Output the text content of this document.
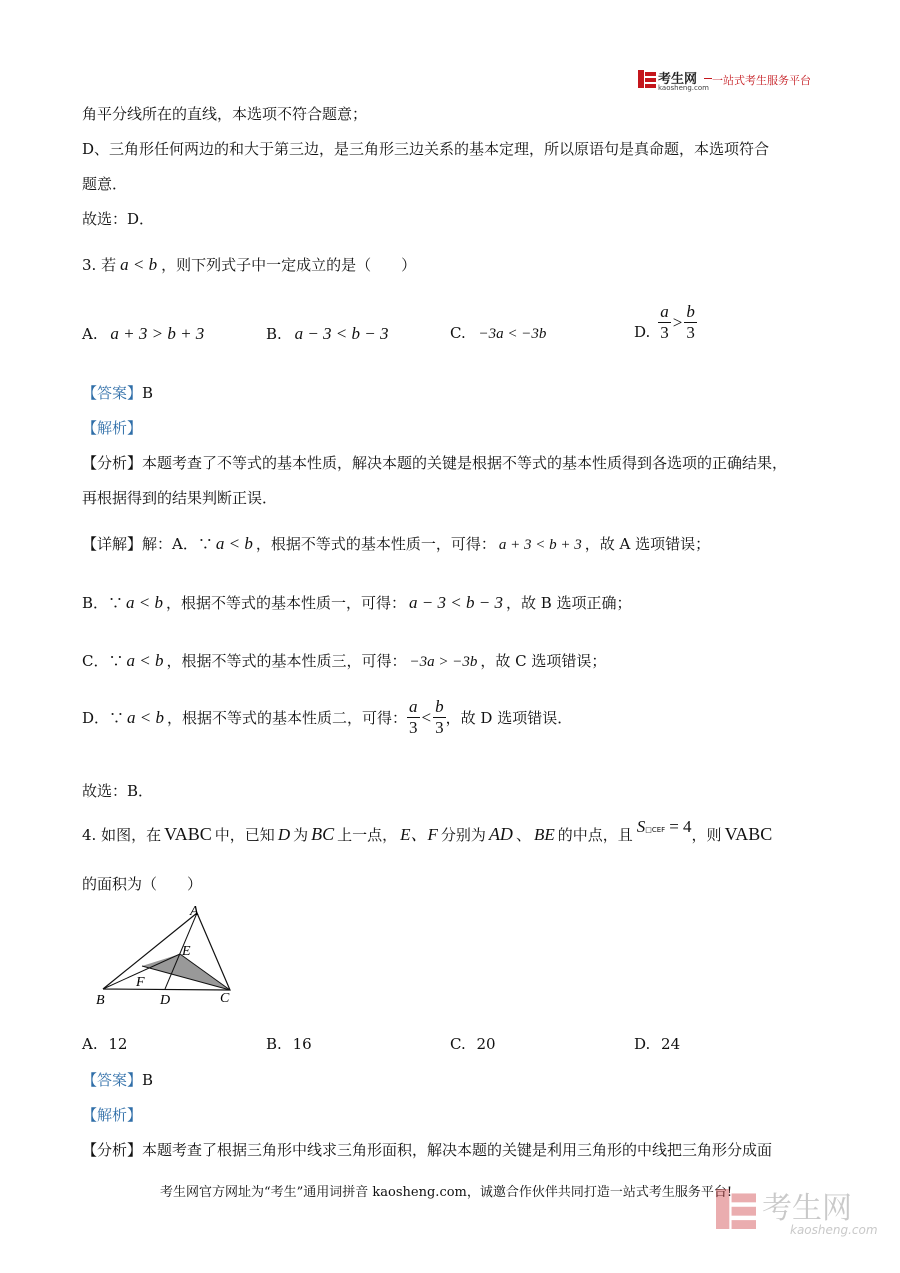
考生网
kaosheng.com
一站式考生服务平台
角平分线所在的直线，本选项不符合题意；
D、三角形任何两边的和大于第三边，是三角形三边关系的基本定理，所以原语句是真命题，本选项符合
题意．
故选：D．
3. 若 a < b ，则下列式子中一定成立的是（　　）
A. a + 3 > b + 3	B. a − 3 < b − 3	C. −3a < −3b	D. $\frac{a}{3} > \frac{b}{3}$
【答案】B
【解析】
【分析】本题考查了不等式的基本性质，解决本题的关键是根据不等式的基本性质得到各选项的正确结果，
再根据得到的结果判断正误．
【详解】解：A．∵ a < b ，根据不等式的基本性质一，可得： a + 3 < b + 3 ，故 A 选项错误；
B．∵ a < b ，根据不等式的基本性质一，可得： a − 3 < b − 3 ，故 B 选项正确；
C．∵ a < b ，根据不等式的基本性质三，可得： −3a > −3b ，故 C 选项错误；
D．∵ a < b ，根据不等式的基本性质二，可得： $\frac{a}{3} < \frac{b}{3}$ ，故 D 选项错误．
故选：B．
4. 如图，在 VABC 中，已知 D 为 BC 上一点， E、F 分别为 AD 、 BE 的中点，且 S□CEF = 4 ，则 VABC
的面积为（　　）
A
B	C
D
E
F
A. 12	B. 16	C. 20	D. 24
【答案】B
【解析】
【分析】本题考查了根据三角形中线求三角形面积，解决本题的关键是利用三角形的中线把三角形分成面
考生网官方网址为“考生”通用词拼音 kaosheng.com，诚邀合作伙伴共同打造一站式考生服务平台! 考生网
kaosheng.com
